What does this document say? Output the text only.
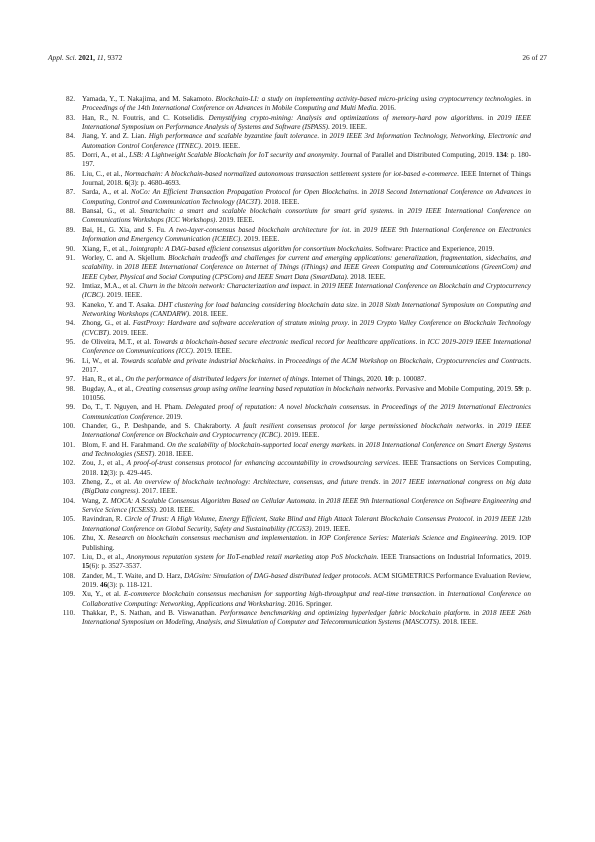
Appl. Sci. 2021, 11, 9372	26 of 27
82. Yamada, Y., T. Nakajima, and M. Sakamoto. Blockchain-LI: a study on implementing activity-based micro-pricing using cryptocurrency technologies. in Proceedings of the 14th International Conference on Advances in Mobile Computing and Multi Media. 2016.
83. Han, R., N. Foutris, and C. Kotselidis. Demystifying crypto-mining: Analysis and optimizations of memory-hard pow algorithms. in 2019 IEEE International Symposium on Performance Analysis of Systems and Software (ISPASS). 2019. IEEE.
84. Jiang, Y. and Z. Lian. High performance and scalable byzantine fault tolerance. in 2019 IEEE 3rd Information Technology, Networking, Electronic and Automation Control Conference (ITNEC). 2019. IEEE.
85. Dorri, A., et al., LSB: A Lightweight Scalable Blockchain for IoT security and anonymity. Journal of Parallel and Distributed Computing, 2019. 134: p. 180-197.
86. Liu, C., et al., Normachain: A blockchain-based normalized autonomous transaction settlement system for iot-based e-commerce. IEEE Internet of Things Journal, 2018. 6(3): p. 4680-4693.
87. Sarda, A., et al. NoCo: An Efficient Transaction Propagation Protocol for Open Blockchains. in 2018 Second International Conference on Advances in Computing, Control and Communication Technology (IAC3T). 2018. IEEE.
88. Bansal, G., et al. Smartchain: a smart and scalable blockchain consortium for smart grid systems. in 2019 IEEE International Conference on Communications Workshops (ICC Workshops). 2019. IEEE.
89. Bai, H., G. Xia, and S. Fu. A two-layer-consensus based blockchain architecture for iot. in 2019 IEEE 9th International Conference on Electronics Information and Emergency Communication (ICEIEC). 2019. IEEE.
90. Xiang, F., et al., Jointgraph: A DAG-based efficient consensus algorithm for consortium blockchains. Software: Practice and Experience, 2019.
91. Worley, C. and A. Skjellum. Blockchain tradeoffs and challenges for current and emerging applications: generalization, fragmentation, sidechains, and scalability. in 2018 IEEE International Conference on Internet of Things (iThings) and IEEE Green Computing and Communications (GreenCom) and IEEE Cyber, Physical and Social Computing (CPSCom) and IEEE Smart Data (SmartData). 2018. IEEE.
92. Imtiaz, M.A., et al. Churn in the bitcoin network: Characterization and impact. in 2019 IEEE International Conference on Blockchain and Cryptocurrency (ICBC). 2019. IEEE.
93. Kaneko, Y. and T. Asaka. DHT clustering for load balancing considering blockchain data size. in 2018 Sixth International Symposium on Computing and Networking Workshops (CANDARW). 2018. IEEE.
94. Zhong, G., et al. FastProxy: Hardware and software acceleration of stratum mining proxy. in 2019 Crypto Valley Conference on Blockchain Technology (CVCBT). 2019. IEEE.
95. de Oliveira, M.T., et al. Towards a blockchain-based secure electronic medical record for healthcare applications. in ICC 2019-2019 IEEE International Conference on Communications (ICC). 2019. IEEE.
96. Li, W., et al. Towards scalable and private industrial blockchains. in Proceedings of the ACM Workshop on Blockchain, Cryptocurrencies and Contracts. 2017.
97. Han, R., et al., On the performance of distributed ledgers for internet of things. Internet of Things, 2020. 10: p. 100087.
98. Bugday, A., et al., Creating consensus group using online learning based reputation in blockchain networks. Pervasive and Mobile Computing, 2019. 59: p. 101056.
99. Do, T., T. Nguyen, and H. Pham. Delegated proof of reputation: A novel blockchain consensus. in Proceedings of the 2019 International Electronics Communication Conference. 2019.
100. Chander, G., P. Deshpande, and S. Chakraborty. A fault resilient consensus protocol for large permissioned blockchain networks. in 2019 IEEE International Conference on Blockchain and Cryptocurrency (ICBC). 2019. IEEE.
101. Blom, F. and H. Farahmand. On the scalability of blockchain-supported local energy markets. in 2018 International Conference on Smart Energy Systems and Technologies (SEST). 2018. IEEE.
102. Zou, J., et al., A proof-of-trust consensus protocol for enhancing accountability in crowdsourcing services. IEEE Transactions on Services Computing, 2018. 12(3): p. 429-445.
103. Zheng, Z., et al. An overview of blockchain technology: Architecture, consensus, and future trends. in 2017 IEEE international congress on big data (BigData congress). 2017. IEEE.
104. Wang, Z. MOCA: A Scalable Consensus Algorithm Based on Cellular Automata. in 2018 IEEE 9th International Conference on Software Engineering and Service Science (ICSESS). 2018. IEEE.
105. Ravindran, R. Circle of Trust: A High Volume, Energy Efficient, Stake Blind and High Attack Tolerant Blockchain Consensus Protocol. in 2019 IEEE 12th International Conference on Global Security, Safety and Sustainability (ICGS3). 2019. IEEE.
106. Zhu, X. Research on blockchain consensus mechanism and implementation. in IOP Conference Series: Materials Science and Engineering. 2019. IOP Publishing.
107. Liu, D., et al., Anonymous reputation system for IIoT-enabled retail marketing atop PoS blockchain. IEEE Transactions on Industrial Informatics, 2019. 15(6): p. 3527-3537.
108. Zander, M., T. Waite, and D. Harz, DAGsim: Simulation of DAG-based distributed ledger protocols. ACM SIGMETRICS Performance Evaluation Review, 2019. 46(3): p. 118-121.
109. Xu, Y., et al. E-commerce blockchain consensus mechanism for supporting high-throughput and real-time transaction. in International Conference on Collaborative Computing: Networking, Applications and Worksharing. 2016. Springer.
110. Thakkar, P., S. Nathan, and B. Viswanathan. Performance benchmarking and optimizing hyperledger fabric blockchain platform. in 2018 IEEE 26th International Symposium on Modeling, Analysis, and Simulation of Computer and Telecommunication Systems (MASCOTS). 2018. IEEE.
